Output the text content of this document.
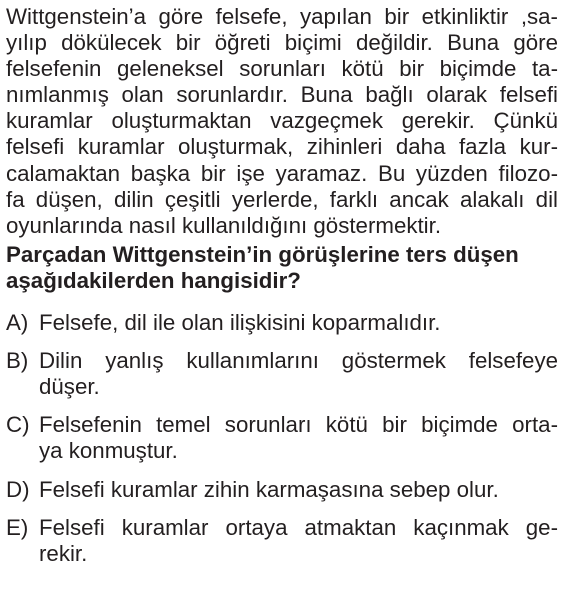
Wittgenstein’a göre felsefe, yapılan bir etkinliktir ,sa-
yılıp dökülecek bir öğreti biçimi değildir. Buna göre
felsefenin geleneksel sorunları kötü bir biçimde ta-
nımlanmış olan sorunlardır. Buna bağlı olarak felsefi
kuramlar oluşturmaktan vazgeçmek gerekir. Çünkü
felsefi kuramlar oluşturmak, zihinleri daha fazla kur-
calamaktan başka bir işe yaramaz. Bu yüzden filozo-
fa düşen, dilin çeşitli yerlerde, farklı ancak alakalı dil
oyunlarında nasıl kullanıldığını göstermektir.
Parçadan Wittgenstein’in görüşlerine ters düşen
aşağıdakilerden hangisidir?
A) Felsefe, dil ile olan ilişkisini koparmalıdır.
B) Dilin yanlış kullanımlarını göstermek felsefeye
düşer.
C) Felsefenin temel sorunları kötü bir biçimde orta-
ya konmuştur.
D) Felsefi kuramlar zihin karmaşasına sebep olur.
E) Felsefi kuramlar ortaya atmaktan kaçınmak ge-
rekir.
